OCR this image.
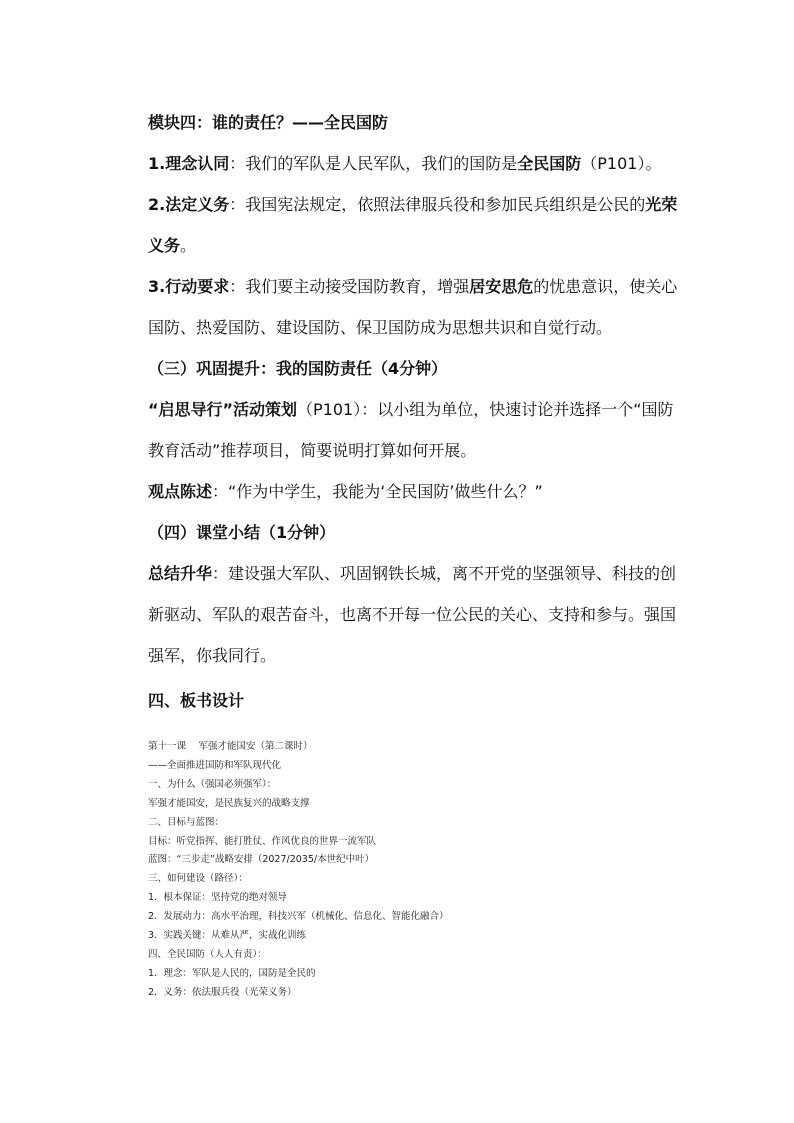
模块四：谁的责任？——全民国防

1.理念认同：我们的军队是人民军队，我们的国防是全民国防（P101）。

2.法定义务：我国宪法规定，依照法律服兵役和参加民兵组织是公民的光荣义务。

3.行动要求：我们要主动接受国防教育，增强居安思危的忧患意识，使关心国防、热爱国防、建设国防、保卫国防成为思想共识和自觉行动。

（三）巩固提升：我的国防责任（4分钟）

“启思导行”活动策划（P101）：以小组为单位，快速讨论并选择一个“国防教育活动”推荐项目，简要说明打算如何开展。

观点陈述：“作为中学生，我能为‘全民国防’做些什么？”

（四）课堂小结（1分钟）

总结升华：建设强大军队、巩固钢铁长城，离不开党的坚强领导、科技的创新驱动、军队的艰苦奋斗，也离不开每一位公民的关心、支持和参与。强国强军，你我同行。

四、板书设计

第十一课　 军强才能国安（第二课时）
——全面推进国防和军队现代化
一、为什么（强国必须强军）：
军强才能国安，是民族复兴的战略支撑
二、目标与蓝图：
目标：听党指挥、能打胜仗、作风优良的世界一流军队
蓝图：“三步走”战略安排（2027/2035/本世纪中叶）
三、如何建设（路径）：
1．根本保证：坚持党的绝对领导
2．发展动力：高水平治理，科技兴军（机械化、信息化、智能化融合）
3．实践关键：从难从严，实战化训练
四、全民国防（人人有责）：
1．理念：军队是人民的，国防是全民的
2．义务：依法服兵役（光荣义务）
